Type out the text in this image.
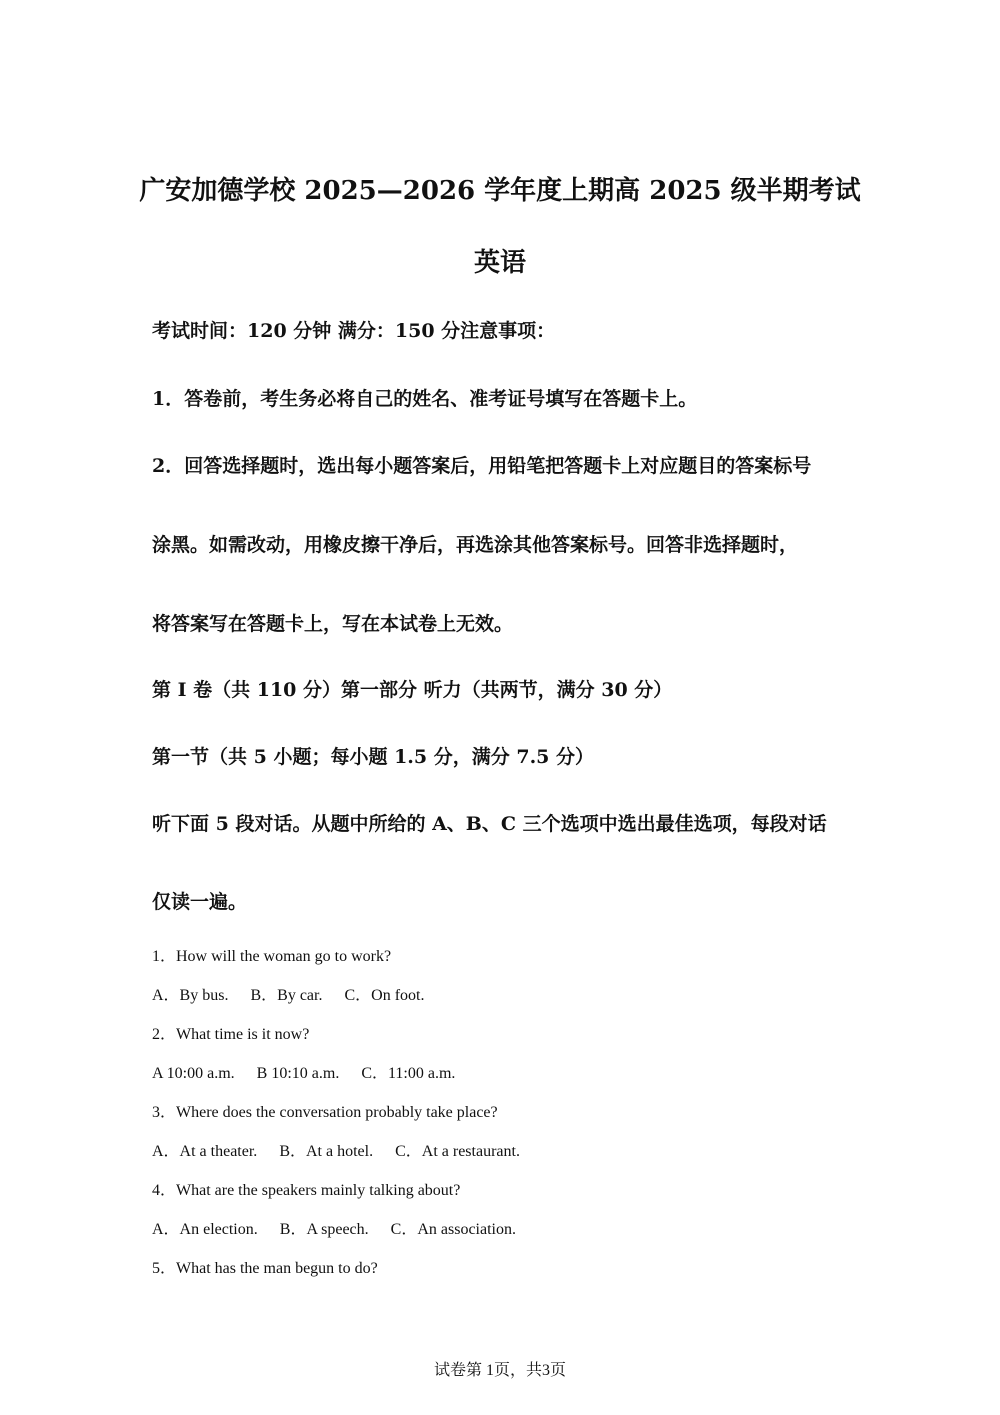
广安加德学校 2025—2026 学年度上期高 2025 级半期考试
英语
考试时间：120 分钟 满分：150 分注意事项：
1．答卷前，考生务必将自己的姓名、准考证号填写在答题卡上。
2．回答选择题时，选出每小题答案后，用铅笔把答题卡上对应题目的答案标号
涂黑。如需改动，用橡皮擦干净后，再选涂其他答案标号。回答非选择题时，
将答案写在答题卡上，写在本试卷上无效。
第 I 卷（共 110 分）第一部分 听力（共两节，满分 30 分）
第一节（共 5 小题；每小题 1.5 分，满分 7.5 分）
听下面 5 段对话。从题中所给的 A、B、C 三个选项中选出最佳选项，每段对话
仅读一遍。
1．How will the woman go to work?
A．By bus. B．By car. C．On foot.
2．What time is it now?
A 10:00 a.m. B 10:10 a.m. C．11:00 a.m.
3．Where does the conversation probably take place?
A．At a theater. B．At a hotel. C．At a restaurant.
4．What are the speakers mainly talking about?
A．An election. B．A speech. C．An association.
5．What has the man begun to do?
试卷第 1页，共3页
